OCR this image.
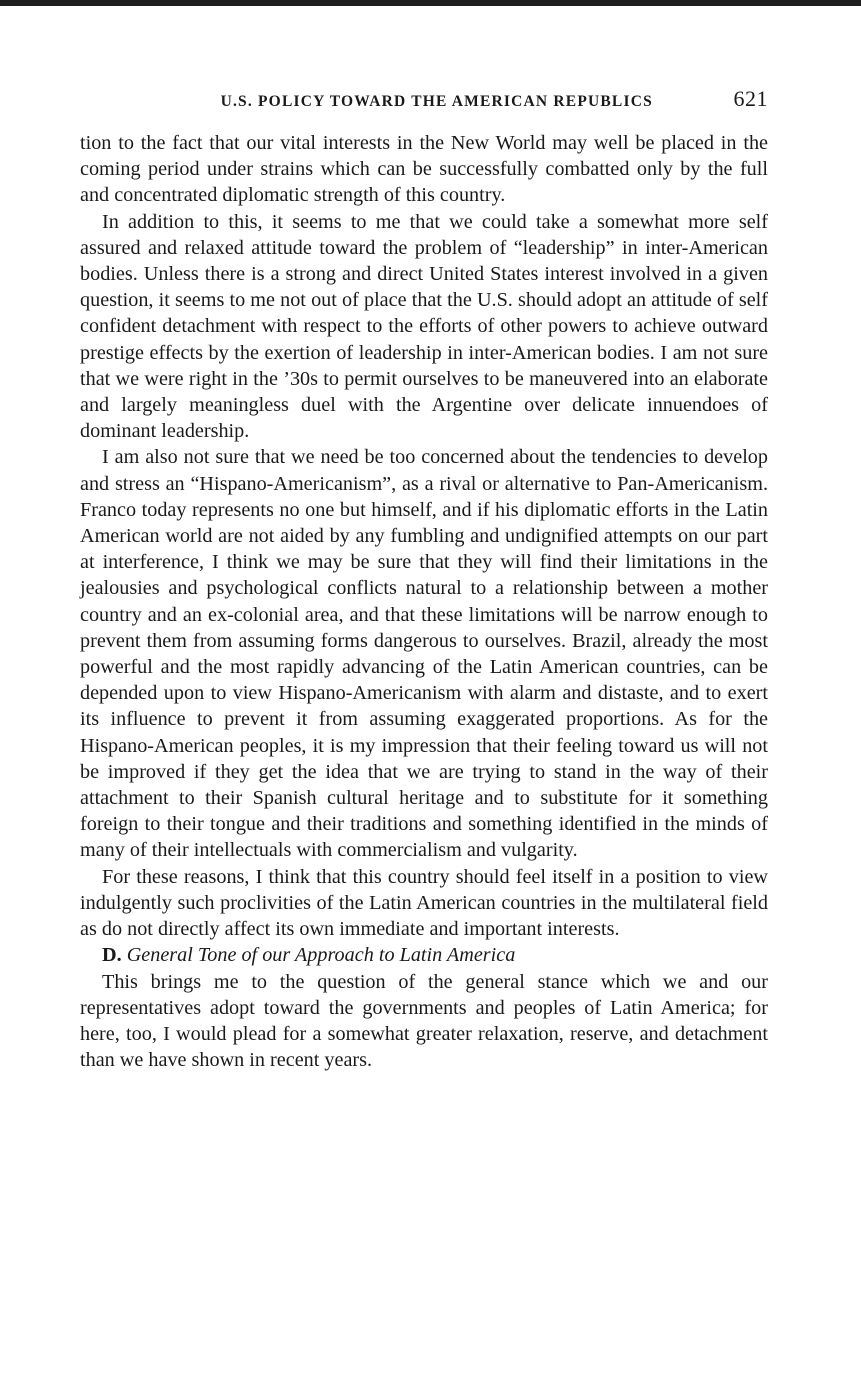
U.S. POLICY TOWARD THE AMERICAN REPUBLICS	621

tion to the fact that our vital interests in the New World may well be placed in the coming period under strains which can be successfully combatted only by the full and concentrated diplomatic strength of this country.

In addition to this, it seems to me that we could take a somewhat more self assured and relaxed attitude toward the problem of “leadership” in inter-American bodies. Unless there is a strong and direct United States interest involved in a given question, it seems to me not out of place that the U.S. should adopt an attitude of self confident detachment with respect to the efforts of other powers to achieve outward prestige effects by the exertion of leadership in inter-American bodies. I am not sure that we were right in the ’30s to permit ourselves to be maneuvered into an elaborate and largely meaningless duel with the Argentine over delicate innuendoes of dominant leadership.

I am also not sure that we need be too concerned about the tendencies to develop and stress an “Hispano-Americanism”, as a rival or alternative to Pan-Americanism. Franco today represents no one but himself, and if his diplomatic efforts in the Latin American world are not aided by any fumbling and undignified attempts on our part at interference, I think we may be sure that they will find their limitations in the jealousies and psychological conflicts natural to a relationship between a mother country and an ex-colonial area, and that these limitations will be narrow enough to prevent them from assuming forms dangerous to ourselves. Brazil, already the most powerful and the most rapidly advancing of the Latin American countries, can be depended upon to view Hispano-Americanism with alarm and distaste, and to exert its influence to prevent it from assuming exaggerated proportions. As for the Hispano-American peoples, it is my impression that their feeling toward us will not be improved if they get the idea that we are trying to stand in the way of their attachment to their Spanish cultural heritage and to substitute for it something foreign to their tongue and their traditions and something identified in the minds of many of their intellectuals with commercialism and vulgarity.

For these reasons, I think that this country should feel itself in a position to view indulgently such proclivities of the Latin American countries in the multilateral field as do not directly affect its own immediate and important interests.

D. General Tone of our Approach to Latin America

This brings me to the question of the general stance which we and our representatives adopt toward the governments and peoples of Latin America; for here, too, I would plead for a somewhat greater relaxation, reserve, and detachment than we have shown in recent years.
